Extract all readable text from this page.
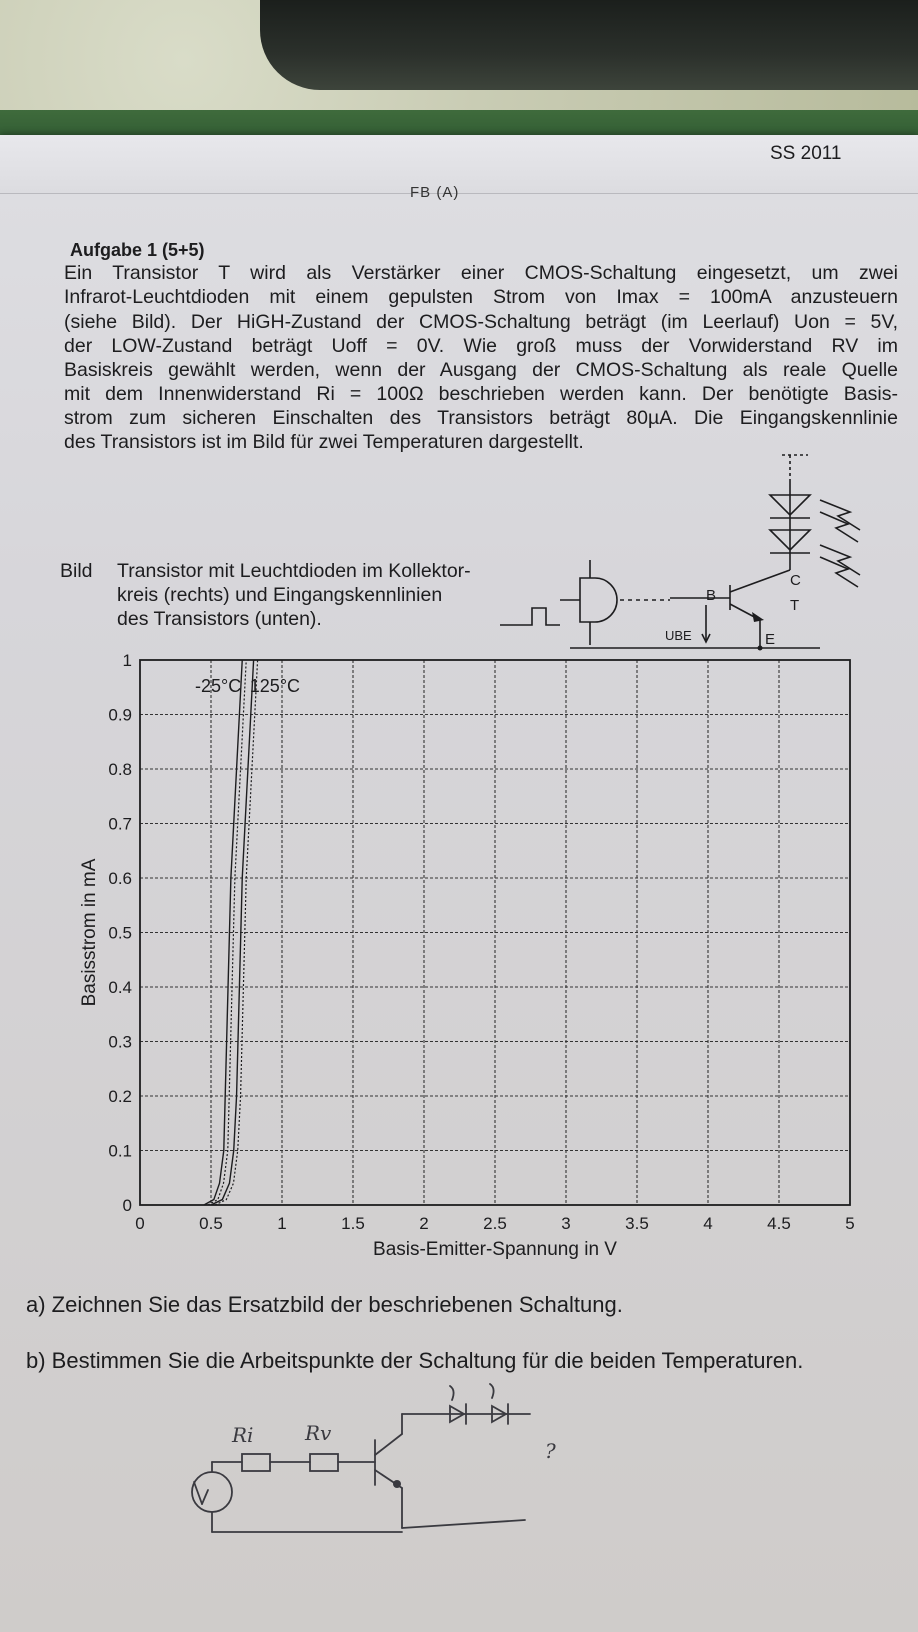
SS 2011
FB (A)
Aufgabe 1 (5+5)
Ein Transistor T wird als Verstärker einer CMOS-Schaltung eingesetzt, um zwei
Infrarot-Leuchtdioden mit einem gepulsten Strom von Imax = 100mA anzusteuern
(siehe Bild). Der HiGH-Zustand der CMOS-Schaltung beträgt (im Leerlauf) Uon = 5V,
der LOW-Zustand beträgt Uoff = 0V. Wie groß muss der Vorwiderstand RV im
Basiskreis gewählt werden, wenn der Ausgang der CMOS-Schaltung als reale Quelle
mit dem Innenwiderstand Ri = 100Ω beschrieben werden kann. Der benötigte Basis-
strom zum sicheren Einschalten des Transistors beträgt 80µA. Die Eingangskennlinie
des Transistors ist im Bild für zwei Temperaturen dargestellt.
Bild Transistor mit Leuchtdioden im Kollektor-
kreis (rechts) und Eingangskennlinien
des Transistors (unten).
C
B
T
E
UBE
0	0.5	1	1.5	2	2.5	3	3.5	4	4.5	5
0
0.1
0.2
0.3
0.4
0.5
0.6
0.7
0.8
0.9
1
-25°C 125°C
Basis-Emitter-Spannung in V
Basisstrom in mA
a) Zeichnen Sie das Ersatzbild der beschriebenen Schaltung.
b) Bestimmen Sie die Arbeitspunkte der Schaltung für die beiden Temperaturen.
Ri	Rv
?
